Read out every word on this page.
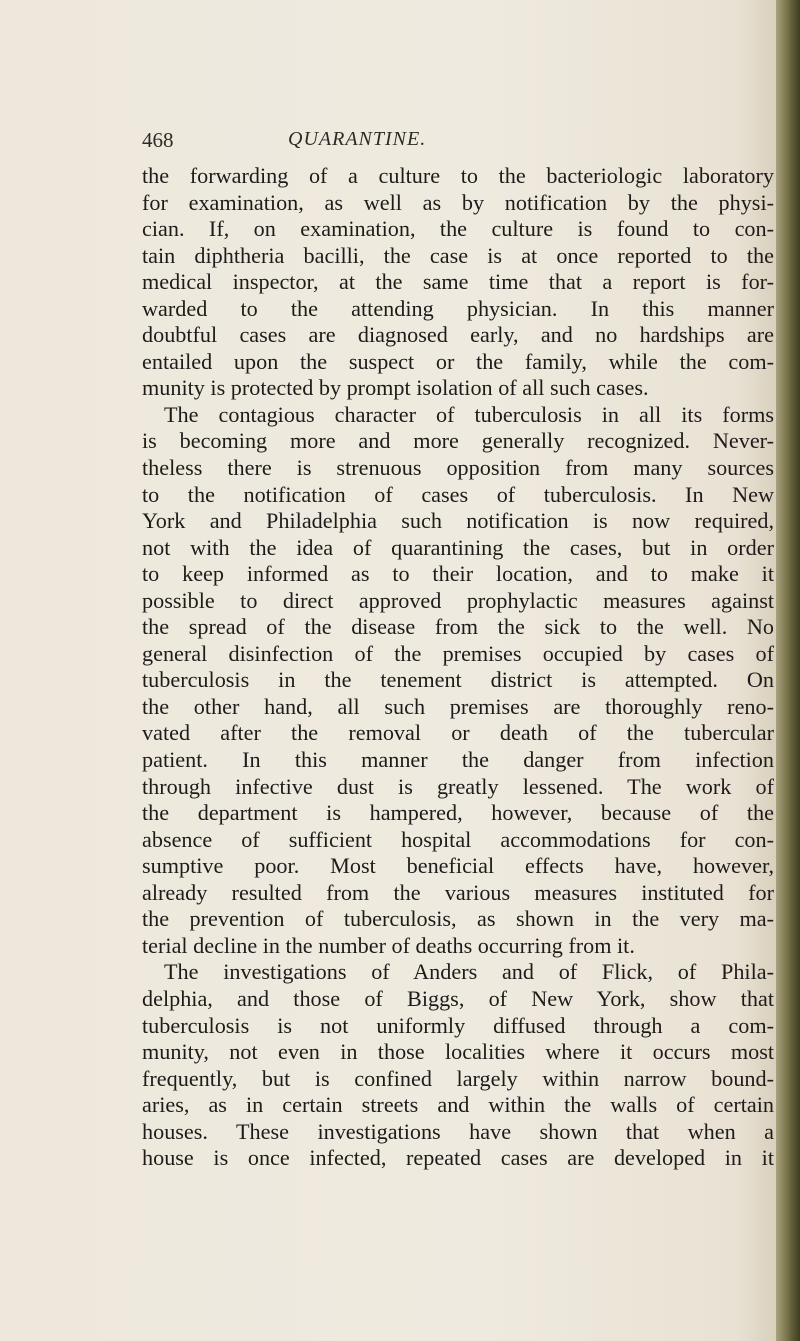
468	QUARANTINE.
the forwarding of a culture to the bacteriologic laboratory
for examination, as well as by notification by the physi-
cian. If, on examination, the culture is found to con-
tain diphtheria bacilli, the case is at once reported to the
medical inspector, at the same time that a report is for-
warded to the attending physician. In this manner
doubtful cases are diagnosed early, and no hardships are
entailed upon the suspect or the family, while the com-
munity is protected by prompt isolation of all such cases.
The contagious character of tuberculosis in all its forms
is becoming more and more generally recognized. Never-
theless there is strenuous opposition from many sources
to the notification of cases of tuberculosis. In New
York and Philadelphia such notification is now required,
not with the idea of quarantining the cases, but in order
to keep informed as to their location, and to make it
possible to direct approved prophylactic measures against
the spread of the disease from the sick to the well. No
general disinfection of the premises occupied by cases of
tuberculosis in the tenement district is attempted. On
the other hand, all such premises are thoroughly reno-
vated after the removal or death of the tubercular
patient. In this manner the danger from infection
through infective dust is greatly lessened. The work of
the department is hampered, however, because of the
absence of sufficient hospital accommodations for con-
sumptive poor. Most beneficial effects have, however,
already resulted from the various measures instituted for
the prevention of tuberculosis, as shown in the very ma-
terial decline in the number of deaths occurring from it.
The investigations of Anders and of Flick, of Phila-
delphia, and those of Biggs, of New York, show that
tuberculosis is not uniformly diffused through a com-
munity, not even in those localities where it occurs most
frequently, but is confined largely within narrow bound-
aries, as in certain streets and within the walls of certain
houses. These investigations have shown that when a
house is once infected, repeated cases are developed in it
